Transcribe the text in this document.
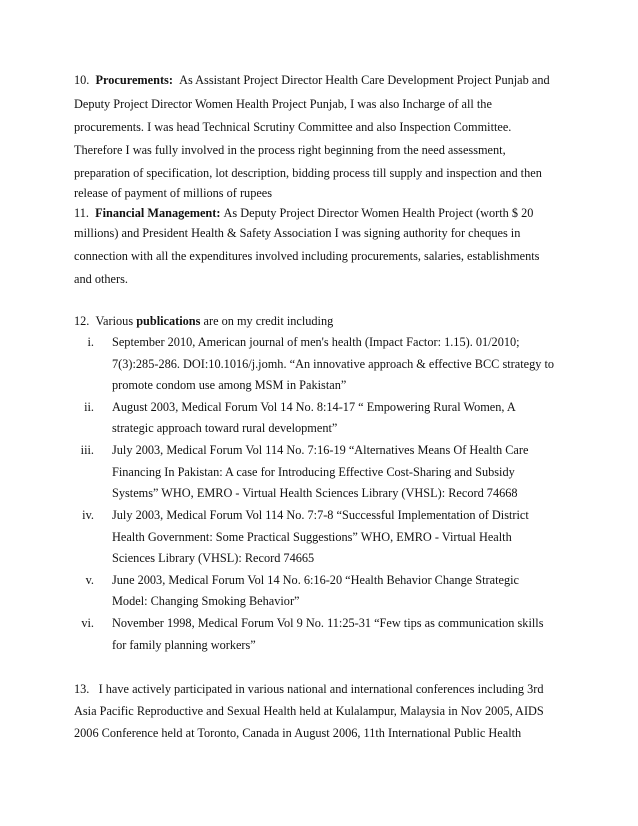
10. Procurements: As Assistant Project Director Health Care Development Project Punjab and
Deputy Project Director Women Health Project Punjab, I was also Incharge of all the
procurements. I was head Technical Scrutiny Committee and also Inspection Committee.
Therefore I was fully involved in the process right beginning from the need assessment,
preparation of specification, lot description, bidding process till supply and inspection and then
release of payment of millions of rupees
11. Financial Management: As Deputy Project Director Women Health Project (worth $ 20
millions) and President Health & Safety Association I was signing authority for cheques in
connection with all the expenditures involved including procurements, salaries, establishments
and others.
12. Various publications are on my credit including
i. September 2010, American journal of men's health (Impact Factor: 1.15). 01/2010;
7(3):285-286. DOI:10.1016/j.jomh. “An innovative approach & effective BCC strategy to
promote condom use among MSM in Pakistan”
ii. August 2003, Medical Forum Vol 14 No. 8:14-17 “ Empowering Rural Women, A
strategic approach toward rural development”
iii. July 2003, Medical Forum Vol 114 No. 7:16-19 “Alternatives Means Of Health Care
Financing In Pakistan: A case for Introducing Effective Cost-Sharing and Subsidy
Systems” WHO, EMRO - Virtual Health Sciences Library (VHSL): Record 74668
iv. July 2003, Medical Forum Vol 114 No. 7:7-8 “Successful Implementation of District
Health Government: Some Practical Suggestions” WHO, EMRO - Virtual Health
Sciences Library (VHSL): Record 74665
v. June 2003, Medical Forum Vol 14 No. 6:16-20 “Health Behavior Change Strategic
Model: Changing Smoking Behavior”
vi. November 1998, Medical Forum Vol 9 No. 11:25-31 “Few tips as communication skills
for family planning workers”
13. I have actively participated in various national and international conferences including 3rd
Asia Pacific Reproductive and Sexual Health held at Kulalampur, Malaysia in Nov 2005, AIDS
2006 Conference held at Toronto, Canada in August 2006, 11th International Public Health
